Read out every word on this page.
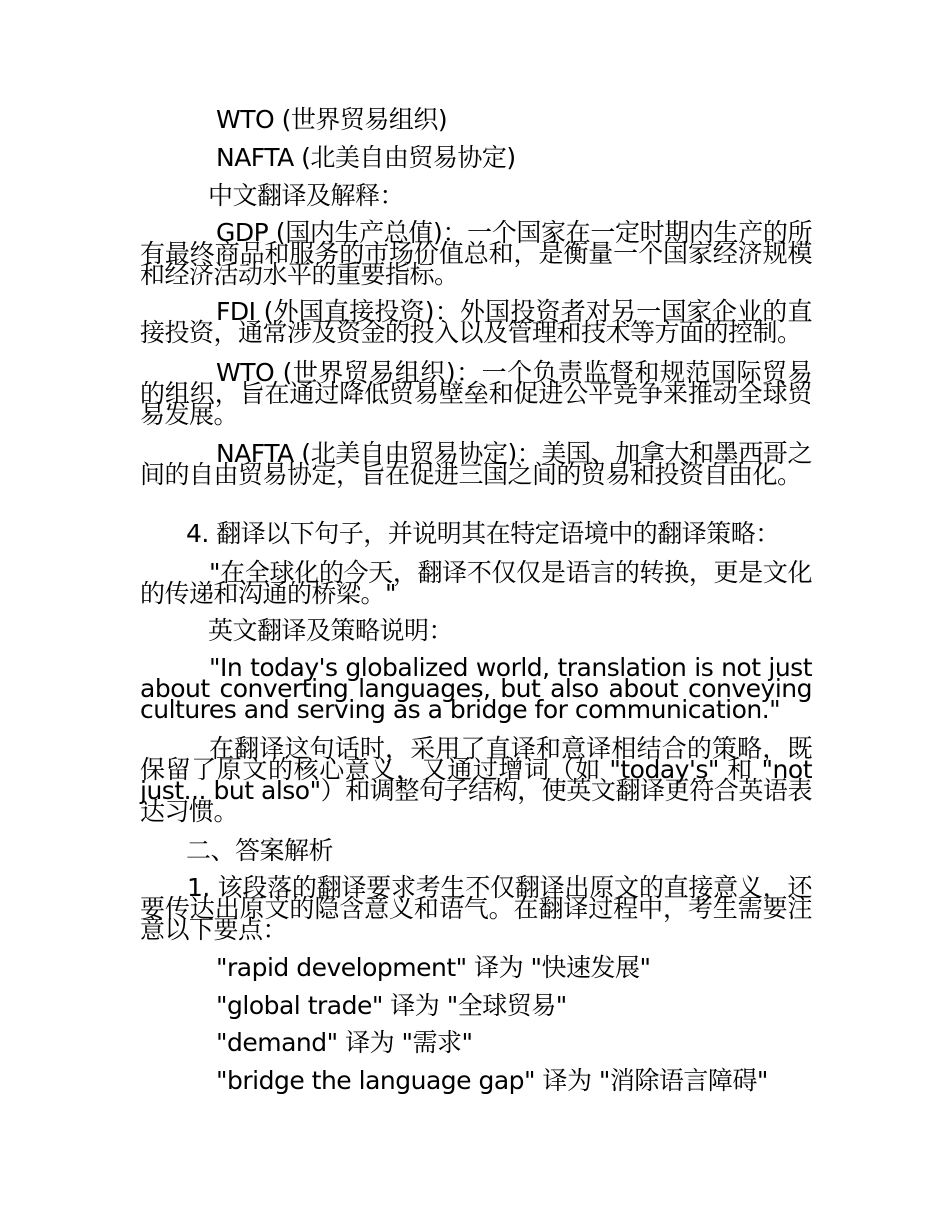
WTO (世界贸易组织)
NAFTA (北美自由贸易协定)
中文翻译及解释：
GDP (国内生产总值)：一个国家在一定时期内生产的所有最终商品和服务的市场价值总和，是衡量一个国家经济规模和经济活动水平的重要指标。
FDI (外国直接投资)：外国投资者对另一国家企业的直接投资，通常涉及资金的投入以及管理和技术等方面的控制。
WTO (世界贸易组织)：一个负责监督和规范国际贸易的组织，旨在通过降低贸易壁垒和促进公平竞争来推动全球贸易发展。
NAFTA (北美自由贸易协定)：美国、加拿大和墨西哥之间的自由贸易协定，旨在促进三国之间的贸易和投资自由化。
4. 翻译以下句子，并说明其在特定语境中的翻译策略：
"在全球化的今天，翻译不仅仅是语言的转换，更是文化的传递和沟通的桥梁。"
英文翻译及策略说明：
"In today's globalized world, translation is not just about converting languages, but also about conveying cultures and serving as a bridge for communication."
在翻译这句话时，采用了直译和意译相结合的策略，既保留了原文的核心意义，又通过增词（如 "today's" 和 "not just... but also"）和调整句子结构，使英文翻译更符合英语表达习惯。
二、答案解析
1. 该段落的翻译要求考生不仅翻译出原文的直接意义，还要传达出原文的隐含意义和语气。在翻译过程中，考生需要注意以下要点：
"rapid development" 译为 "快速发展"
"global trade" 译为 "全球贸易"
"demand" 译为 "需求"
"bridge the language gap" 译为 "消除语言障碍"
